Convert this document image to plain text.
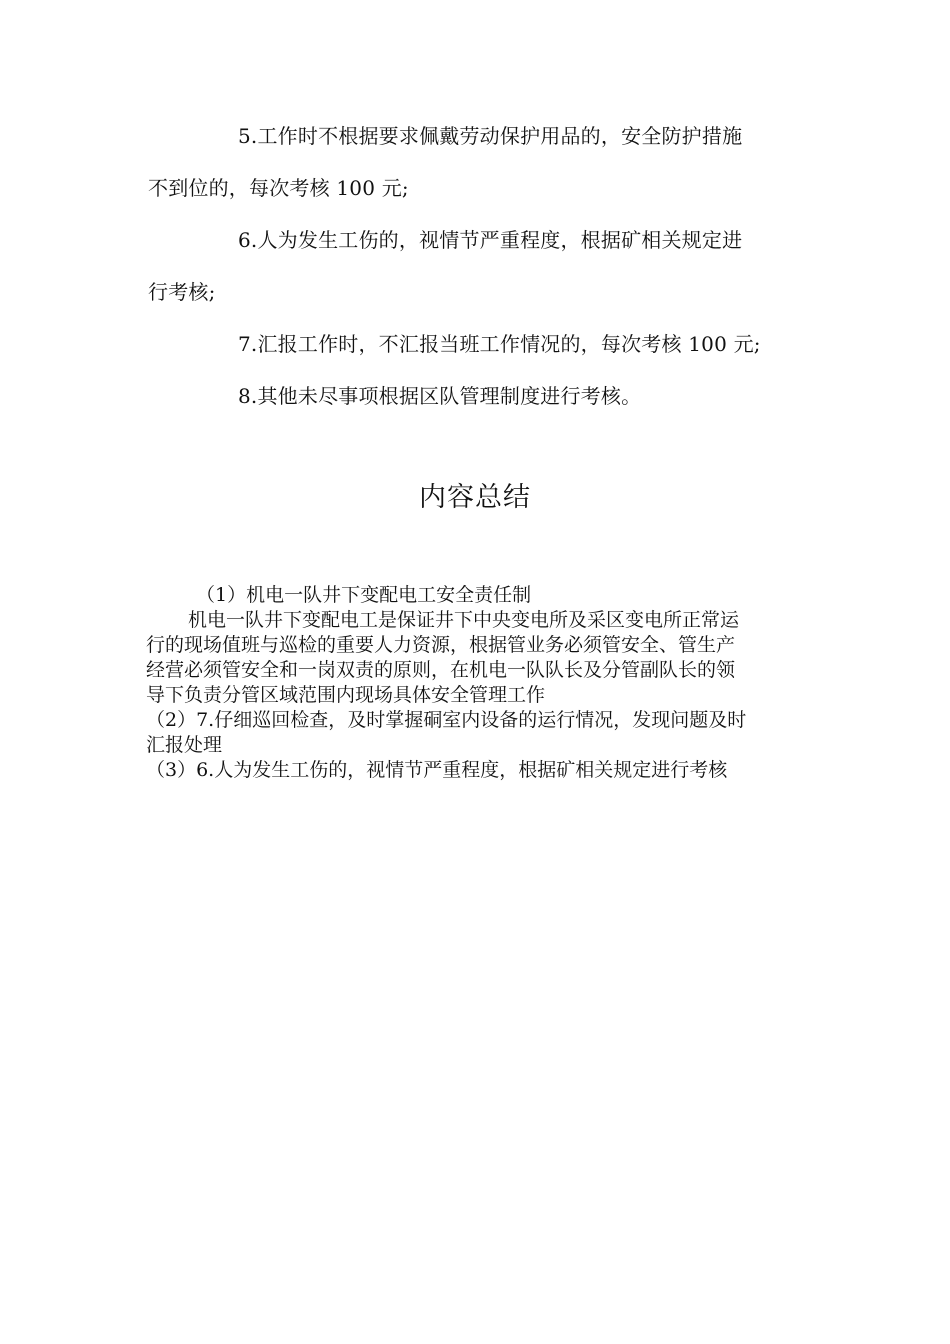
5.工作时不根据要求佩戴劳动保护用品的，安全防护措施
不到位的，每次考核 100 元;
6.人为发生工伤的，视情节严重程度，根据矿相关规定进
行考核;
7.汇报工作时，不汇报当班工作情况的，每次考核 100 元;
8.其他未尽事项根据区队管理制度进行考核。
内容总结
（1）机电一队井下变配电工安全责任制
机电一队井下变配电工是保证井下中央变电所及采区变电所正常运
行的现场值班与巡检的重要人力资源，根据管业务必须管安全、管生产
经营必须管安全和一岗双责的原则，在机电一队队长及分管副队长的领
导下负责分管区域范围内现场具体安全管理工作
（2）7.仔细巡回检查，及时掌握硐室内设备的运行情况，发现问题及时
汇报处理
（3）6.人为发生工伤的，视情节严重程度，根据矿相关规定进行考核
